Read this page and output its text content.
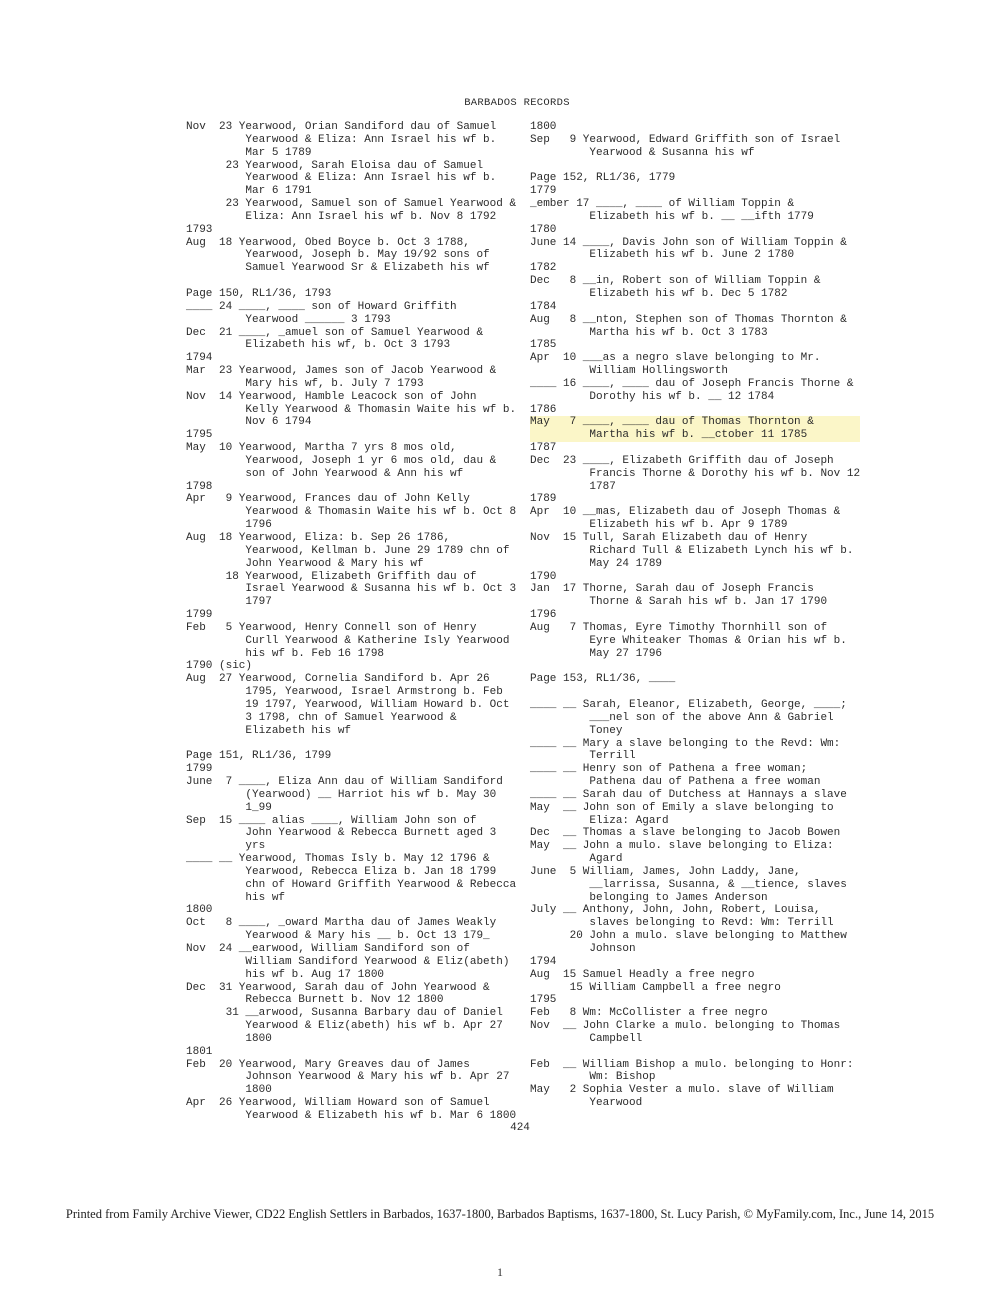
BARBADOS RECORDS
Nov  23 Yearwood, Orian Sandiford dau of Samuel
Yearwood & Eliza: Ann Israel his wf b.
Mar 5 1789
23 Yearwood, Sarah Eloisa dau of Samuel
Yearwood & Eliza: Ann Israel his wf b.
Mar 6 1791
23 Yearwood, Samuel son of Samuel Yearwood &
Eliza: Ann Israel his wf b. Nov 8 1792
1793
Aug  18 Yearwood, Obed Boyce b. Oct 3 1788,
Yearwood, Joseph b. May 19/92 sons of
Samuel Yearwood Sr & Elizabeth his wf
Page 150, RL1/36, 1793
____ 24 ____, ____ son of Howard Griffith
Yearwood ______ 3 1793
Dec  21 ____, _amuel son of Samuel Yearwood &
Elizabeth his wf, b. Oct 3 1793
1794
Mar  23 Yearwood, James son of Jacob Yearwood &
Mary his wf, b. July 7 1793
Nov  14 Yearwood, Hamble Leacock son of John
Kelly Yearwood & Thomasin Waite his wf b.
Nov 6 1794
1795
May  10 Yearwood, Martha 7 yrs 8 mos old,
Yearwood, Joseph 1 yr 6 mos old, dau &
son of John Yearwood & Ann his wf
1798
Apr   9 Yearwood, Frances dau of John Kelly
Yearwood & Thomasin Waite his wf b. Oct 8
1796
Aug  18 Yearwood, Eliza: b. Sep 26 1786,
Yearwood, Kellman b. June 29 1789 chn of
John Yearwood & Mary his wf
18 Yearwood, Elizabeth Griffith dau of
Israel Yearwood & Susanna his wf b. Oct 3
1797
1799
Feb   5 Yearwood, Henry Connell son of Henry
Curll Yearwood & Katherine Isly Yearwood
his wf b. Feb 16 1798
1790 (sic)
Aug  27 Yearwood, Cornelia Sandiford b. Apr 26
1795, Yearwood, Israel Armstrong b. Feb
19 1797, Yearwood, William Howard b. Oct
3 1798, chn of Samuel Yearwood &
Elizabeth his wf
Page 151, RL1/36, 1799
1799
June  7 ____, Eliza Ann dau of William Sandiford
(Yearwood) __ Harriot his wf b. May 30
1_99
Sep  15 ____ alias ____, William John son of
John Yearwood & Rebecca Burnett aged 3
yrs
____ __ Yearwood, Thomas Isly b. May 12 1796 &
Yearwood, Rebecca Eliza b. Jan 18 1799
chn of Howard Griffith Yearwood & Rebecca
his wf
1800
Oct   8 ____, _oward Martha dau of James Weakly
Yearwood & Mary his __ b. Oct 13 179_
Nov  24 __earwood, William Sandiford son of
William Sandiford Yearwood & Eliz(abeth)
his wf b. Aug 17 1800
Dec  31 Yearwood, Sarah dau of John Yearwood &
Rebecca Burnett b. Nov 12 1800
31 __arwood, Susanna Barbary dau of Daniel
Yearwood & Eliz(abeth) his wf b. Apr 27
1800
1801
Feb  20 Yearwood, Mary Greaves dau of James
Johnson Yearwood & Mary his wf b. Apr 27
1800
Apr  26 Yearwood, William Howard son of Samuel
Yearwood & Elizabeth his wf b. Mar 6 1800
1800
Sep   9 Yearwood, Edward Griffith son of Israel
Yearwood & Susanna his wf
Page 152, RL1/36, 1779
1779
_ember 17 ____, ____ of William Toppin &
Elizabeth his wf b. __ __ifth 1779
1780
June 14 ____, Davis John son of William Toppin &
Elizabeth his wf b. June 2 1780
1782
Dec   8 __in, Robert son of William Toppin &
Elizabeth his wf b. Dec 5 1782
1784
Aug   8 __nton, Stephen son of Thomas Thornton &
Martha his wf b. Oct 3 1783
1785
Apr  10 ___as a negro slave belonging to Mr.
William Hollingsworth
____ 16 ____, ____ dau of Joseph Francis Thorne &
Dorothy his wf b. __ 12 1784
1786
May   7 ____, ____ dau of Thomas Thornton &
Martha his wf b. __ctober 11 1785
1787
Dec  23 ____, Elizabeth Griffith dau of Joseph
Francis Thorne & Dorothy his wf b. Nov 12
1787
1789
Apr  10 __mas, Elizabeth dau of Joseph Thomas &
Elizabeth his wf b. Apr 9 1789
Nov  15 Tull, Sarah Elizabeth dau of Henry
Richard Tull & Elizabeth Lynch his wf b.
May 24 1789
1790
Jan  17 Thorne, Sarah dau of Joseph Francis
Thorne & Sarah his wf b. Jan 17 1790
1796
Aug   7 Thomas, Eyre Timothy Thornhill son of
Eyre Whiteaker Thomas & Orian his wf b.
May 27 1796
Page 153, RL1/36, ____
____ __ Sarah, Eleanor, Elizabeth, George, ____;
___nel son of the above Ann & Gabriel
Toney
____ __ Mary a slave belonging to the Revd: Wm:
Terrill
____ __ Henry son of Pathena a free woman;
Pathena dau of Pathena a free woman
____ __ Sarah dau of Dutchess at Hannays a slave
May  __ John son of Emily a slave belonging to
Eliza: Agard
Dec  __ Thomas a slave belonging to Jacob Bowen
May  __ John a mulo. slave belonging to Eliza:
Agard
June  5 William, James, John Laddy, Jane,
__larrissa, Susanna, & __tience, slaves
belonging to James Anderson
July __ Anthony, John, John, Robert, Louisa,
slaves belonging to Revd: Wm: Terrill
20 John a mulo. slave belonging to Matthew
Johnson
1794
Aug  15 Samuel Headly a free negro
15 William Campbell a free negro
1795
Feb   8 Wm: McCollister a free negro
Nov  __ John Clarke a mulo. belonging to Thomas
Campbell
Feb  __ William Bishop a mulo. belonging to Honr:
Wm: Bishop
May   2 Sophia Vester a mulo. slave of William
Yearwood
424
Printed from Family Archive Viewer, CD22 English Settlers in Barbados, 1637-1800, Barbados Baptisms, 1637-1800, St. Lucy Parish, © MyFamily.com, Inc., June 14, 2015
1
